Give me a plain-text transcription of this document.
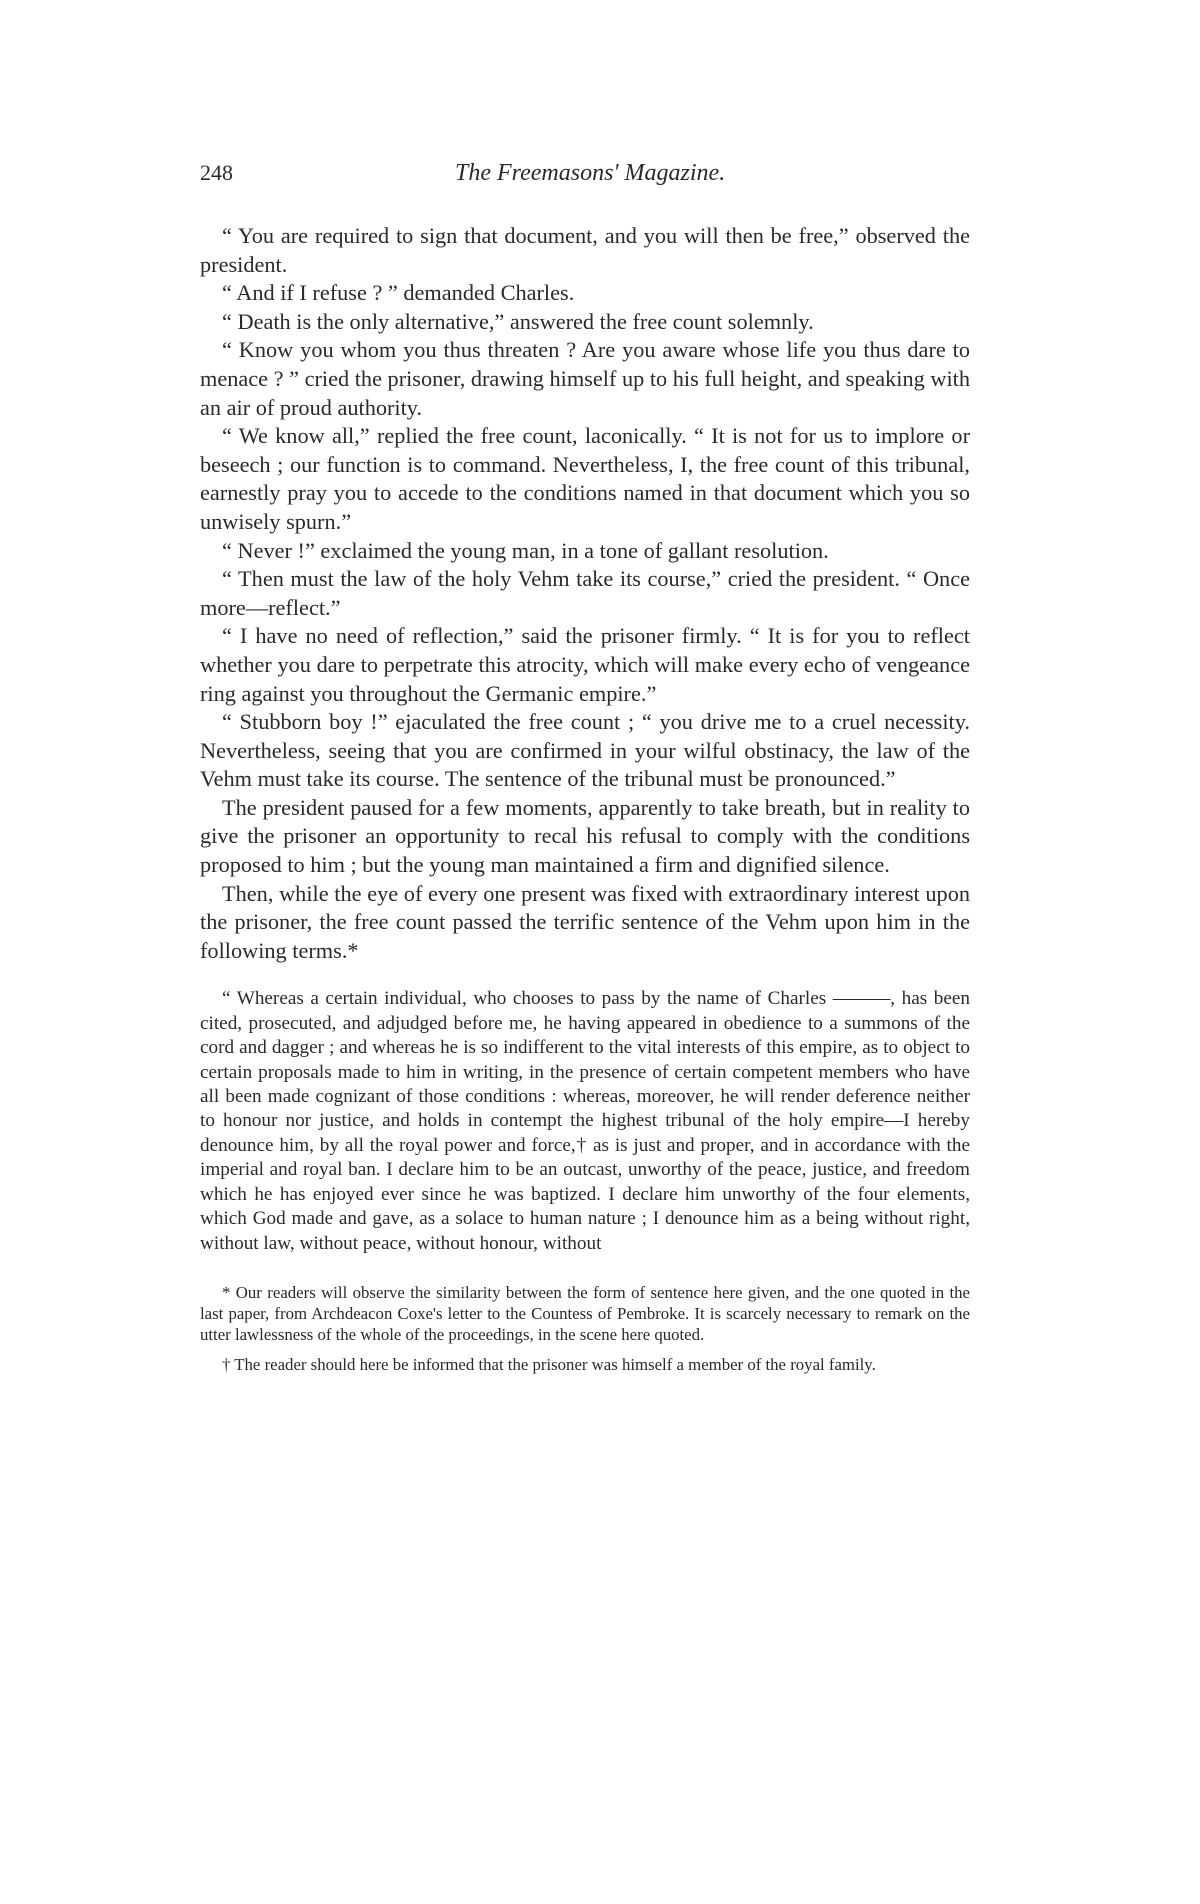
248	The Freemasons' Magazine.

“ You are required to sign that document, and you will then be free,” observed the president.

“ And if I refuse ? ” demanded Charles.

“ Death is the only alternative,” answered the free count solemnly.

“ Know you whom you thus threaten ? Are you aware whose life you thus dare to menace ? ” cried the prisoner, drawing himself up to his full height, and speaking with an air of proud authority.

“ We know all,” replied the free count, laconically. “ It is not for us to implore or beseech ; our function is to command. Nevertheless, I, the free count of this tribunal, earnestly pray you to accede to the conditions named in that document which you so unwisely spurn.”

“ Never !” exclaimed the young man, in a tone of gallant resolution.

“ Then must the law of the holy Vehm take its course,” cried the president. “ Once more—reflect.”

“ I have no need of reflection,” said the prisoner firmly. “ It is for you to reflect whether you dare to perpetrate this atrocity, which will make every echo of vengeance ring against you throughout the Germanic empire.”

“ Stubborn boy !” ejaculated the free count ; “ you drive me to a cruel necessity. Nevertheless, seeing that you are confirmed in your wilful obstinacy, the law of the Vehm must take its course. The sentence of the tribunal must be pronounced.”

The president paused for a few moments, apparently to take breath, but in reality to give the prisoner an opportunity to recal his refusal to comply with the conditions proposed to him ; but the young man maintained a firm and dignified silence.

Then, while the eye of every one present was fixed with extraordinary interest upon the prisoner, the free count passed the terrific sentence of the Vehm upon him in the following terms.*

“ Whereas a certain individual, who chooses to pass by the name of Charles ———, has been cited, prosecuted, and adjudged before me, he having appeared in obedience to a summons of the cord and dagger ; and whereas he is so indifferent to the vital interests of this empire, as to object to certain proposals made to him in writing, in the presence of certain competent members who have all been made cognizant of those conditions : whereas, moreover, he will render deference neither to honour nor justice, and holds in contempt the highest tribunal of the holy empire—I hereby denounce him, by all the royal power and force,† as is just and proper, and in accordance with the imperial and royal ban. I declare him to be an outcast, unworthy of the peace, justice, and freedom which he has enjoyed ever since he was baptized. I declare him unworthy of the four elements, which God made and gave, as a solace to human nature ; I denounce him as a being without right, without law, without peace, without honour, without

* Our readers will observe the similarity between the form of sentence here given, and the one quoted in the last paper, from Archdeacon Coxe's letter to the Countess of Pembroke. It is scarcely necessary to remark on the utter lawlessness of the whole of the proceedings, in the scene here quoted.

† The reader should here be informed that the prisoner was himself a member of the royal family.
